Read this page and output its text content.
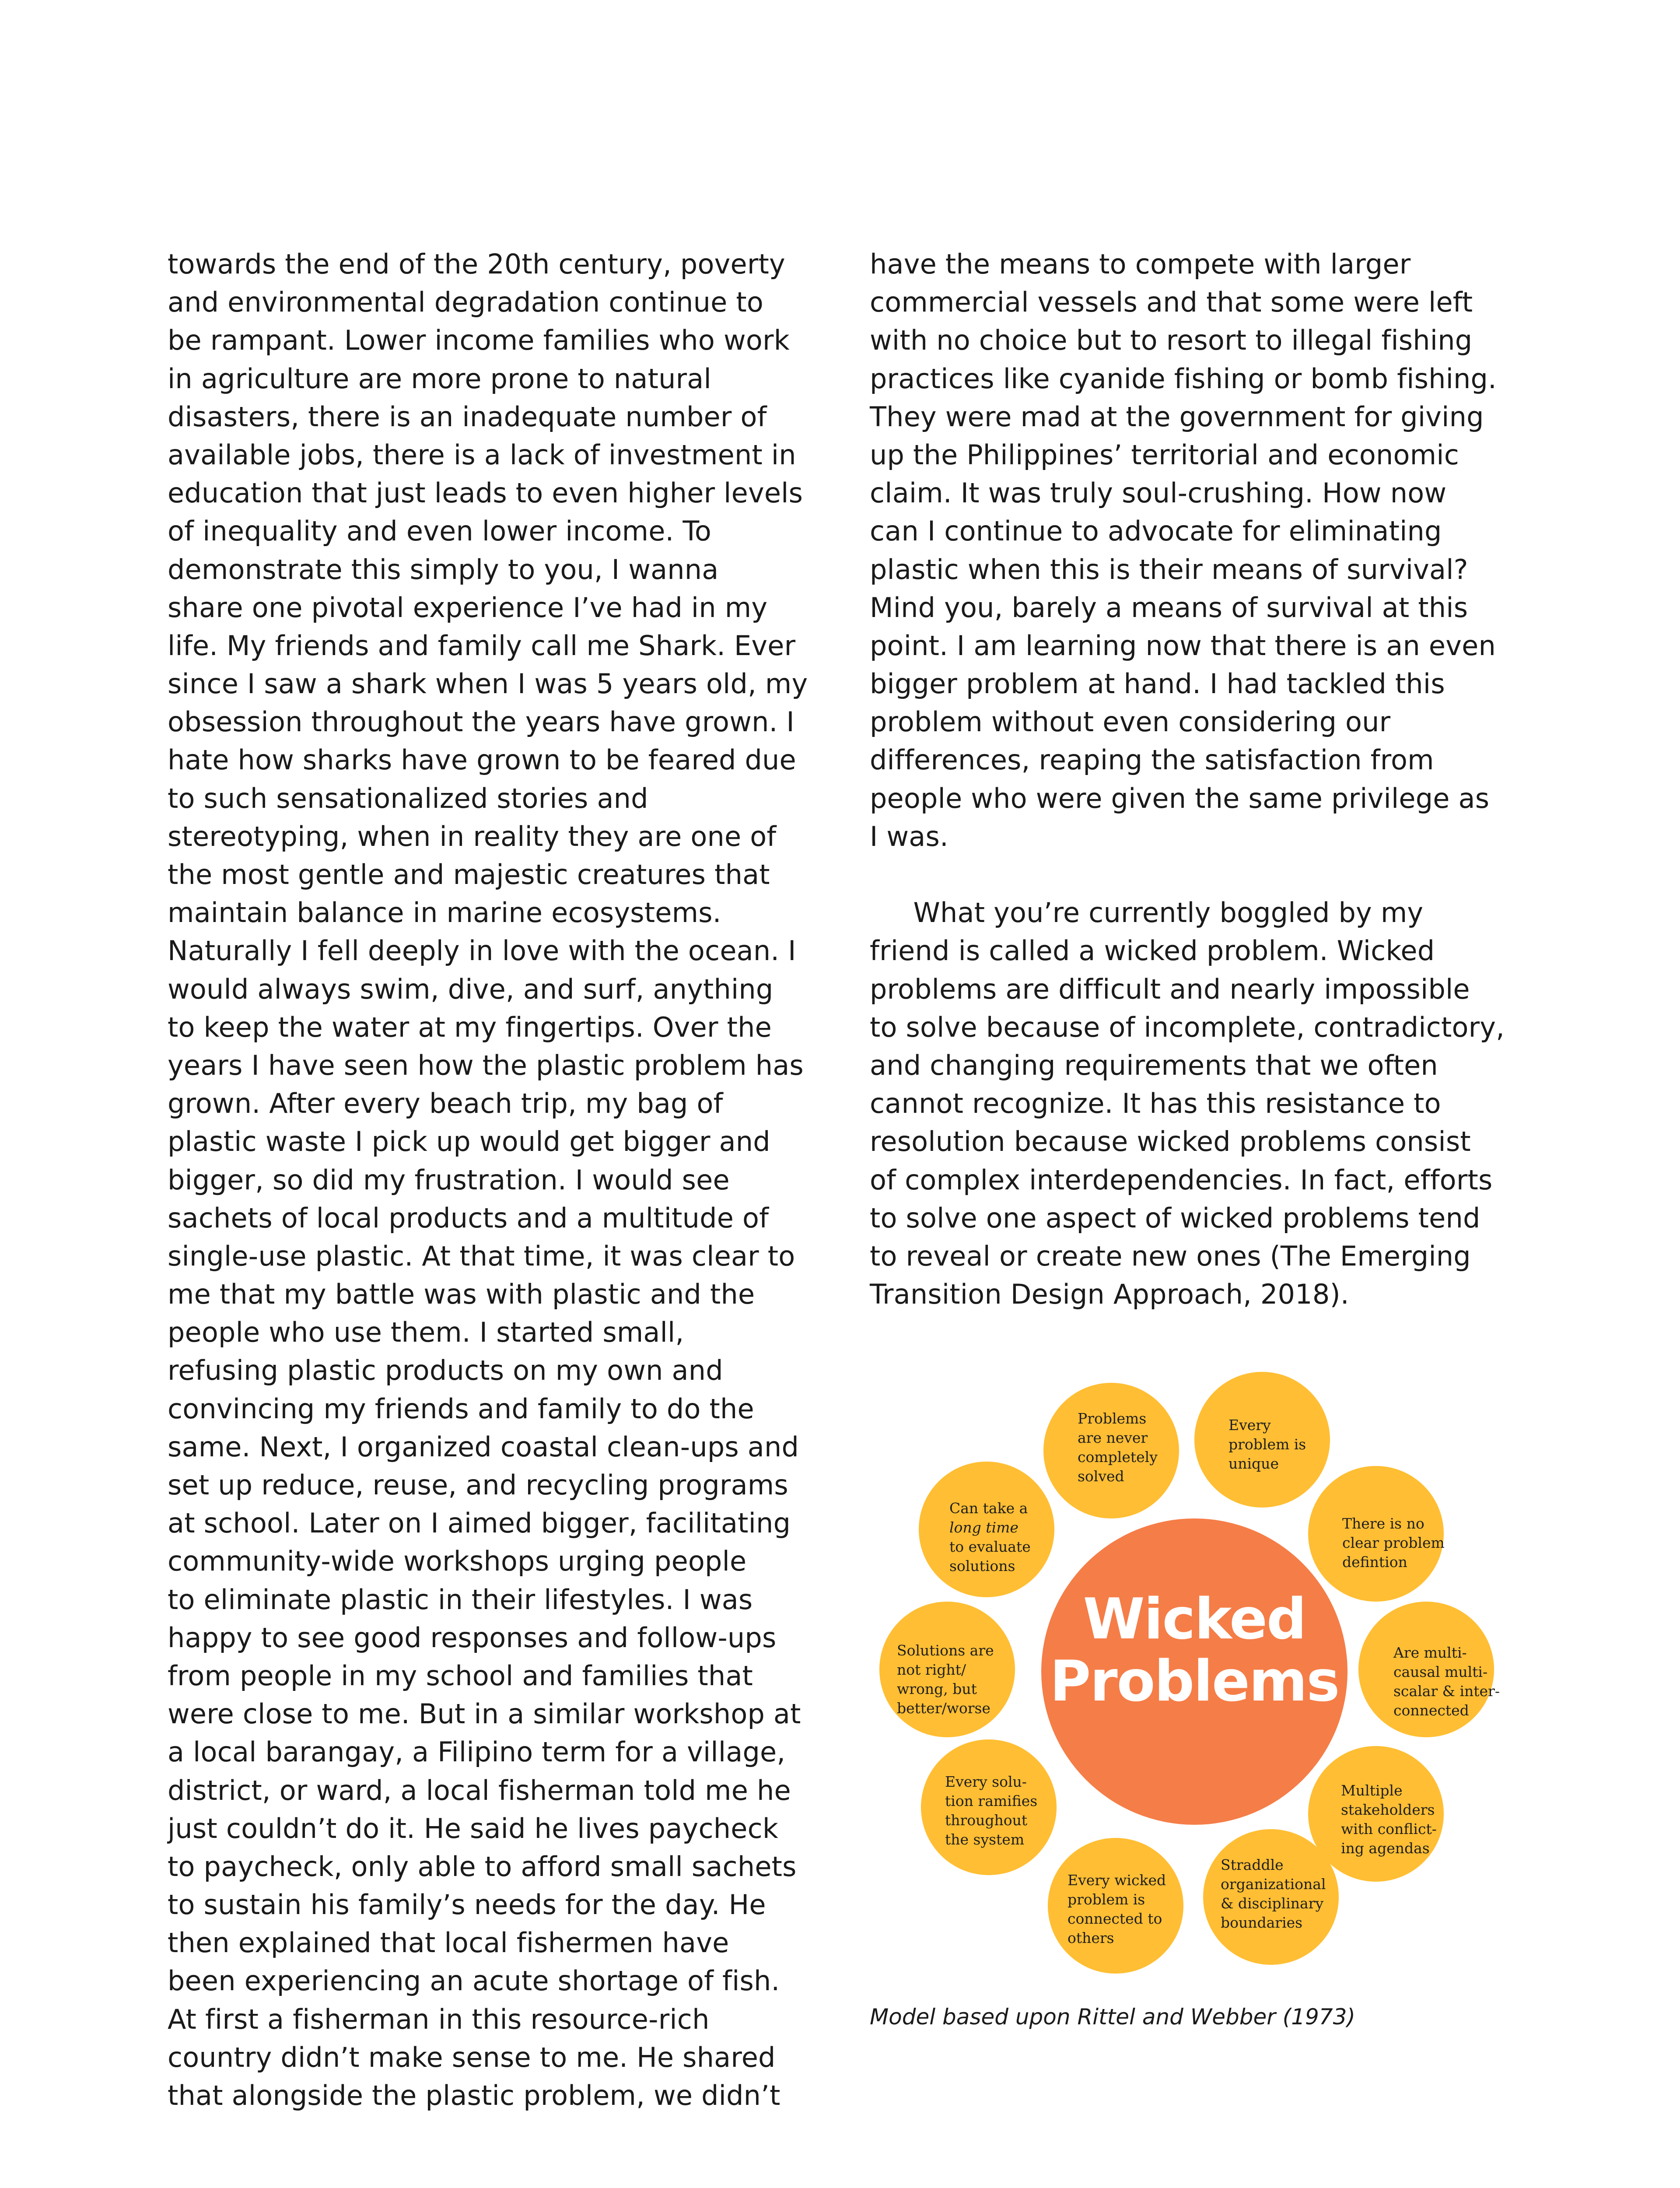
towards the end of the 20th century, poverty
and environmental degradation continue to
be rampant. Lower income families who work
in agriculture are more prone to natural
disasters, there is an inadequate number of
available jobs, there is a lack of investment in
education that just leads to even higher levels
of inequality and even lower income. To
demonstrate this simply to you, I wanna
share one pivotal experience I’ve had in my
life. My friends and family call me Shark. Ever
since I saw a shark when I was 5 years old, my
obsession throughout the years have grown. I
hate how sharks have grown to be feared due
to such sensationalized stories and
stereotyping, when in reality they are one of
the most gentle and majestic creatures that
maintain balance in marine ecosystems.
Naturally I fell deeply in love with the ocean. I
would always swim, dive, and surf, anything
to keep the water at my fingertips. Over the
years I have seen how the plastic problem has
grown. After every beach trip, my bag of
plastic waste I pick up would get bigger and
bigger, so did my frustration. I would see
sachets of local products and a multitude of
single-use plastic. At that time, it was clear to
me that my battle was with plastic and the
people who use them. I started small,
refusing plastic products on my own and
convincing my friends and family to do the
same. Next, I organized coastal clean-ups and
set up reduce, reuse, and recycling programs
at school. Later on I aimed bigger, facilitating
community-wide workshops urging people
to eliminate plastic in their lifestyles. I was
happy to see good responses and follow-ups
from people in my school and families that
were close to me. But in a similar workshop at
a local barangay, a Filipino term for a village,
district, or ward, a local fisherman told me he
just couldn’t do it. He said he lives paycheck
to paycheck, only able to afford small sachets
to sustain his family’s needs for the day. He
then explained that local fishermen have
been experiencing an acute shortage of fish.
At first a fisherman in this resource-rich
country didn’t make sense to me. He shared
that alongside the plastic problem, we didn’t
have the means to compete with larger
commercial vessels and that some were left
with no choice but to resort to illegal fishing
practices like cyanide fishing or bomb fishing.
They were mad at the government for giving
up the Philippines’ territorial and economic
claim. It was truly soul-crushing. How now
can I continue to advocate for eliminating
plastic when this is their means of survival?
Mind you, barely a means of survival at this
point. I am learning now that there is an even
bigger problem at hand. I had tackled this
problem without even considering our
differences, reaping the satisfaction from
people who were given the same privilege as
I was.
What you’re currently boggled by my
friend is called a wicked problem. Wicked
problems are difficult and nearly impossible
to solve because of incomplete, contradictory,
and changing requirements that we often
cannot recognize. It has this resistance to
resolution because wicked problems consist
of complex interdependencies. In fact, efforts
to solve one aspect of wicked problems tend
to reveal or create new ones (The Emerging
Transition Design Approach, 2018).
Problems
are never
completely
solved
Every
problem is
unique
There is no
clear problem
defintion
Are multi-
causal multi-
scalar & inter-
connected
Multiple
stakeholders
with conflict-
ing agendas
Straddle
organizational
& disciplinary
boundaries
Every wicked
problem is
connected to
others
Every solu-
tion ramifies
throughout
the system
Solutions are
not right/
wrong, but
better/worse
Can take a
long time
to evaluate
solutions
Wicked
Problems
Model based upon Rittel and Webber (1973)
